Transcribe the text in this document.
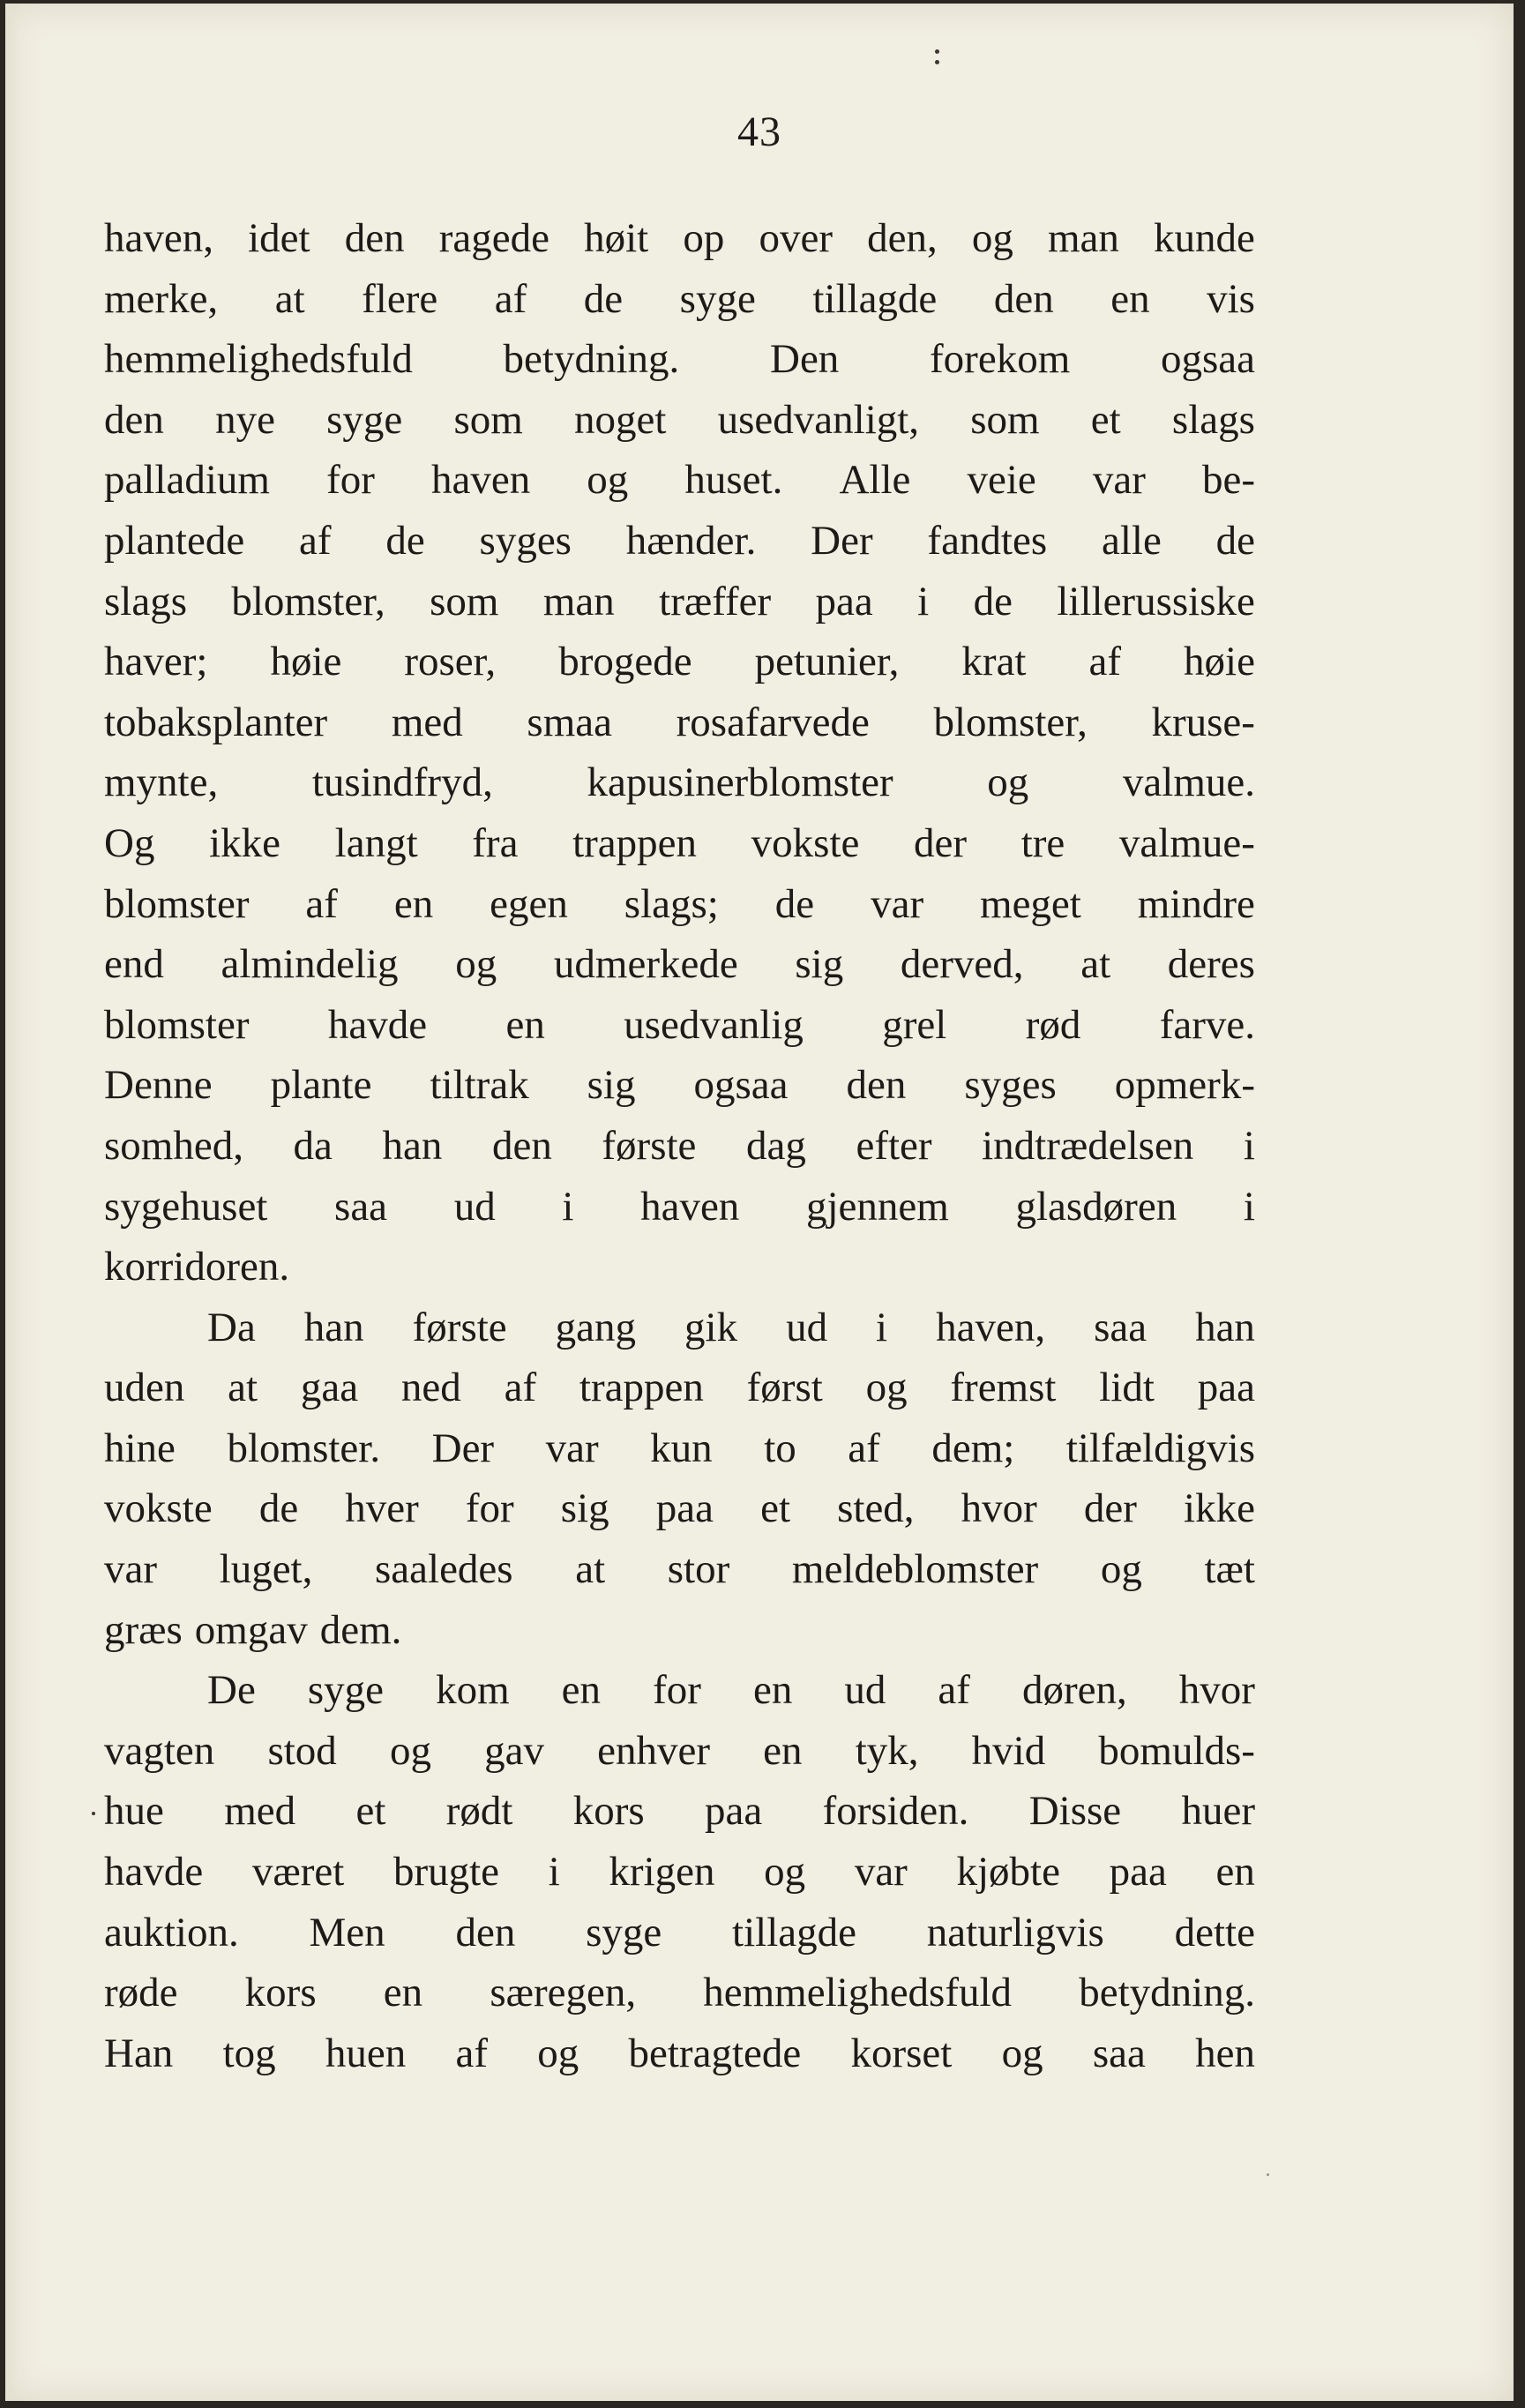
43
haven, idet den ragede høit op over den, og man kunde
merke, at flere af de syge tillagde den en vis
hemmelighedsfuld betydning. Den forekom ogsaa
den nye syge som noget usedvanligt, som et slags
palladium for haven og huset. Alle veie var be-
plantede af de syges hænder. Der fandtes alle de
slags blomster, som man træffer paa i de lillerussiske
haver; høie roser, brogede petunier, krat af høie
tobaksplanter med smaa rosafarvede blomster, kruse-
mynte, tusindfryd, kapusinerblomster og valmue.
Og ikke langt fra trappen vokste der tre valmue-
blomster af en egen slags; de var meget mindre
end almindelig og udmerkede sig derved, at deres
blomster havde en usedvanlig grel rød farve.
Denne plante tiltrak sig ogsaa den syges opmerk-
somhed, da han den første dag efter indtrædelsen i
sygehuset saa ud i haven gjennem glasdøren i
korridoren.
Da han første gang gik ud i haven, saa han
uden at gaa ned af trappen først og fremst lidt paa
hine blomster. Der var kun to af dem; tilfældigvis
vokste de hver for sig paa et sted, hvor der ikke
var luget, saaledes at stor meldeblomster og tæt
græs omgav dem.
De syge kom en for en ud af døren, hvor
vagten stod og gav enhver en tyk, hvid bomulds-
hue med et rødt kors paa forsiden. Disse huer
havde været brugte i krigen og var kjøbte paa en
auktion. Men den syge tillagde naturligvis dette
røde kors en særegen, hemmelighedsfuld betydning.
Han tog huen af og betragtede korset og saa hen
